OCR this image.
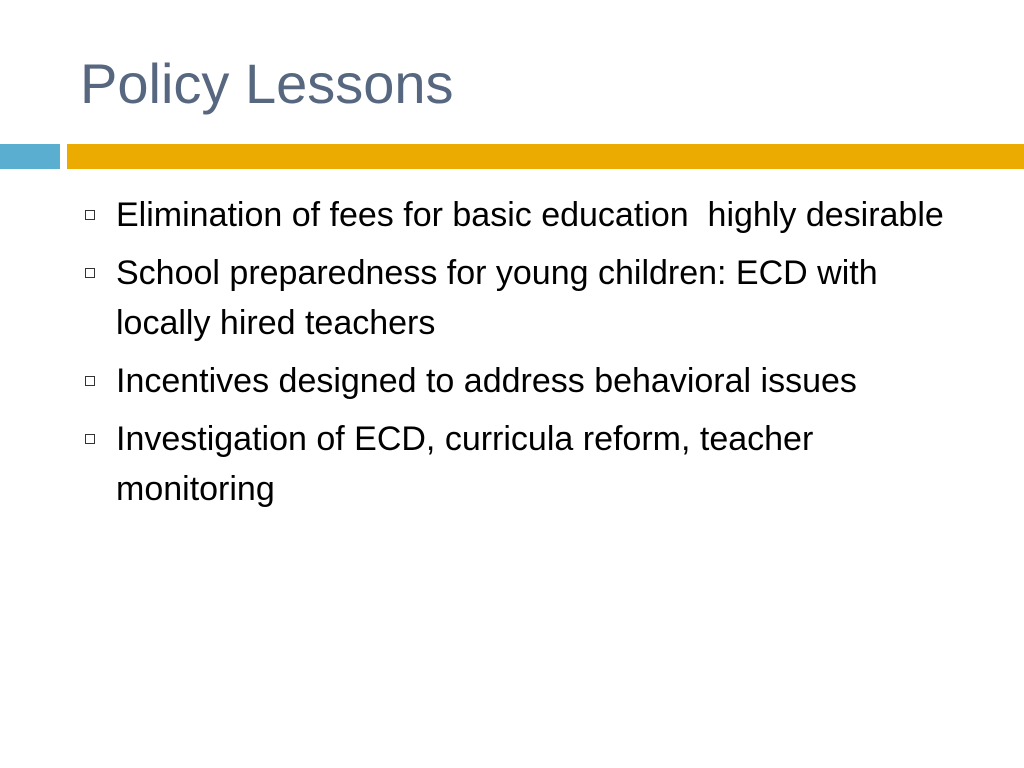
Policy Lessons
Elimination of fees for basic education  highly desirable
School preparedness for young children: ECD with locally hired teachers
Incentives designed to address behavioral issues
Investigation of ECD, curricula reform, teacher monitoring
